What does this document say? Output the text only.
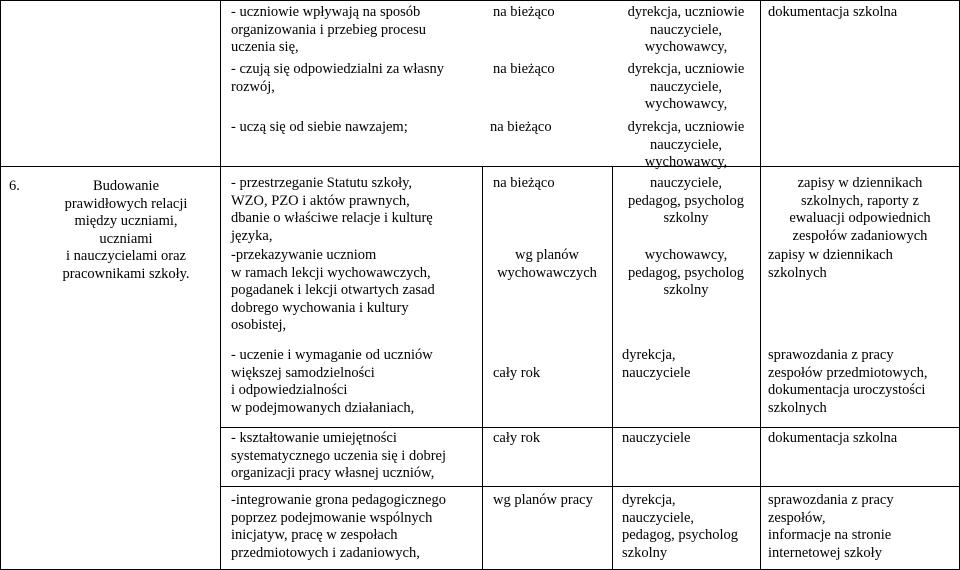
6.	Budowanie
prawidłowych relacji
między uczniami,
uczniami
i nauczycielami oraz
pracownikami szkoły.
- uczniowie wpływają na sposób
organizowania i przebieg procesu
uczenia się,
- czują się odpowiedzialni za własny
rozwój,
- uczą się od siebie nawzajem;
- przestrzeganie Statutu szkoły,
WZO, PZO i aktów prawnych,
dbanie o właściwe relacje i kulturę
języka,
-przekazywanie uczniom
w ramach lekcji wychowawczych,
pogadanek i lekcji otwartych zasad
dobrego wychowania i kultury
osobistej,
- uczenie i wymaganie od uczniów
większej samodzielności
i odpowiedzialności
w podejmowanych działaniach,
- kształtowanie umiejętności
systematycznego uczenia się i dobrej
organizacji pracy własnej uczniów,
-integrowanie grona pedagogicznego
poprzez podejmowanie wspólnych
inicjatyw, pracę w zespołach
przedmiotowych i zadaniowych,
na bieżąco
na bieżąco
na bieżąco
na bieżąco
wg planów
wychowawczych
cały rok
cały rok
wg planów pracy
dyrekcja, uczniowie
nauczyciele,
wychowawcy,
dyrekcja, uczniowie
nauczyciele,
wychowawcy,
dyrekcja, uczniowie
nauczyciele,
wychowawcy,
nauczyciele,
pedagog, psycholog
szkolny
wychowawcy,
pedagog, psycholog
szkolny
dyrekcja,
nauczyciele
nauczyciele
dyrekcja,
nauczyciele,
pedagog, psycholog
szkolny
dokumentacja szkolna
zapisy w dziennikach
szkolnych, raporty z
ewaluacji odpowiednich
zespołów zadaniowych
zapisy w dziennikach
szkolnych
sprawozdania z pracy
zespołów przedmiotowych,
dokumentacja uroczystości
szkolnych
dokumentacja szkolna
sprawozdania z pracy
zespołów,
informacje na stronie
internetowej szkoły
